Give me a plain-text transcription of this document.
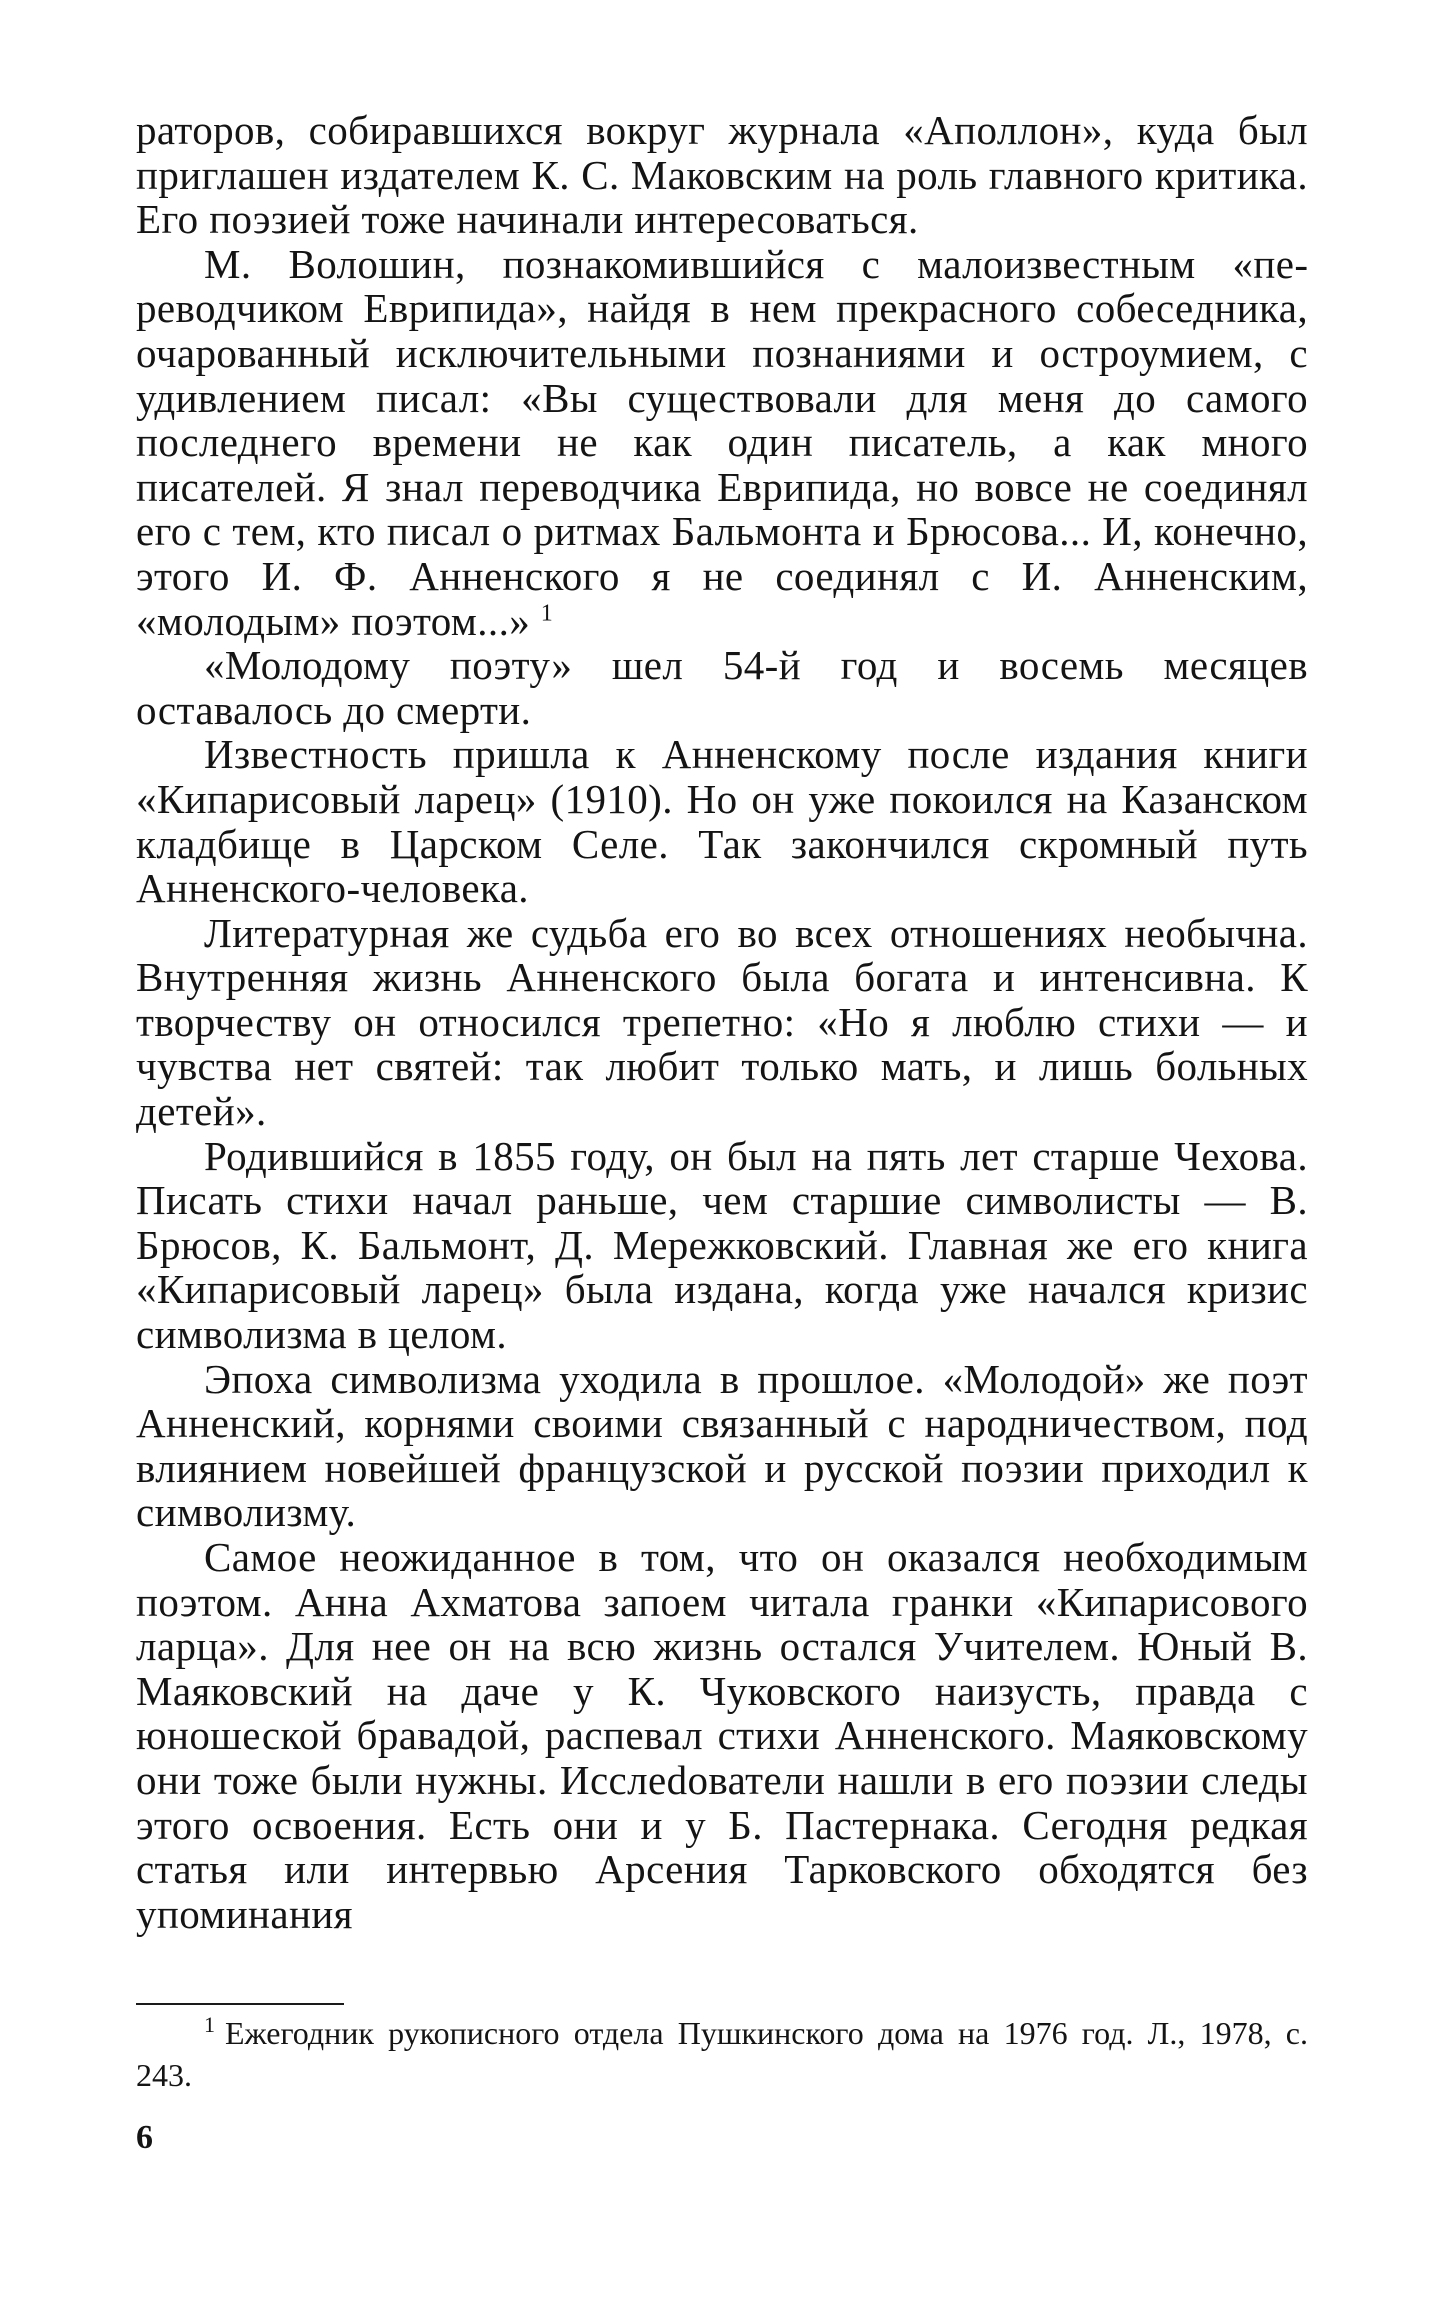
раторов, собиравшихся вокруг журнала «Аполлон», куда был приглашен издателем К. С. Маковским на роль главного критика. Его поэзией тоже начинали интересоваться.

М. Волошин, познакомившийся с малоизвестным «переводчиком Еврипида», найдя в нем прекрасного собеседника, очарованный исключительными познаниями и остроумием, с удивлением писал: «Вы существовали для меня до самого последнего времени не как один писатель, а как много писателей. Я знал переводчика Еврипида, но вовсе не соединял его с тем, кто писал о ритмах Бальмонта и Брюсова... И, конечно, этого И. Ф. Анненского я не соединял с И. Анненским, «молодым» поэтом...» $^1$

«Молодому поэту» шел 54-й год и восемь месяцев оставалось до смерти.

Известность пришла к Анненскому после издания книги «Кипарисовый ларец» (1910). Но он уже покоился на Казанском кладбище в Царском Селе. Так закончился скромный путь Анненского-человека.

Литературная же судьба его во всех отношениях необычна. Внутренняя жизнь Анненского была богата и интенсивна. К творчеству он относился трепетно: «Но я люблю стихи — и чувства нет святей: так любит только мать, и лишь больных детей».

Родившийся в 1855 году, он был на пять лет старше Чехова. Писать стихи начал раньше, чем старшие символисты — В. Брюсов, К. Бальмонт, Д. Мережковский. Главная же его книга «Кипарисовый ларец» была издана, когда уже начался кризис символизма в целом.

Эпоха символизма уходила в прошлое. «Молодой» же поэт Анненский, корнями своими связанный с народничеством, под влиянием новейшей французской и русской поэзии приходил к символизму.

Самое неожиданное в том, что он оказался необходимым поэтом. Анна Ахматова запоем читала гранки «Кипарисового ларца». Для нее он на всю жизнь остался Учителем. Юный В. Маяковский на даче у К. Чуковского наизусть, правда с юношеской бравадой, распевал стихи Анненского. Маяковскому они тоже были нужны. Исслеdователи нашли в его поэзии следы этого освоения. Есть они и у Б. Пастернака. Сегодня редкая статья или интервью Арсения Тарковского обходятся без упоминания

$^1$ Ежегодник рукописного отдела Пушкинского дома на 1976 год. Л., 1978, с. 243.

6
